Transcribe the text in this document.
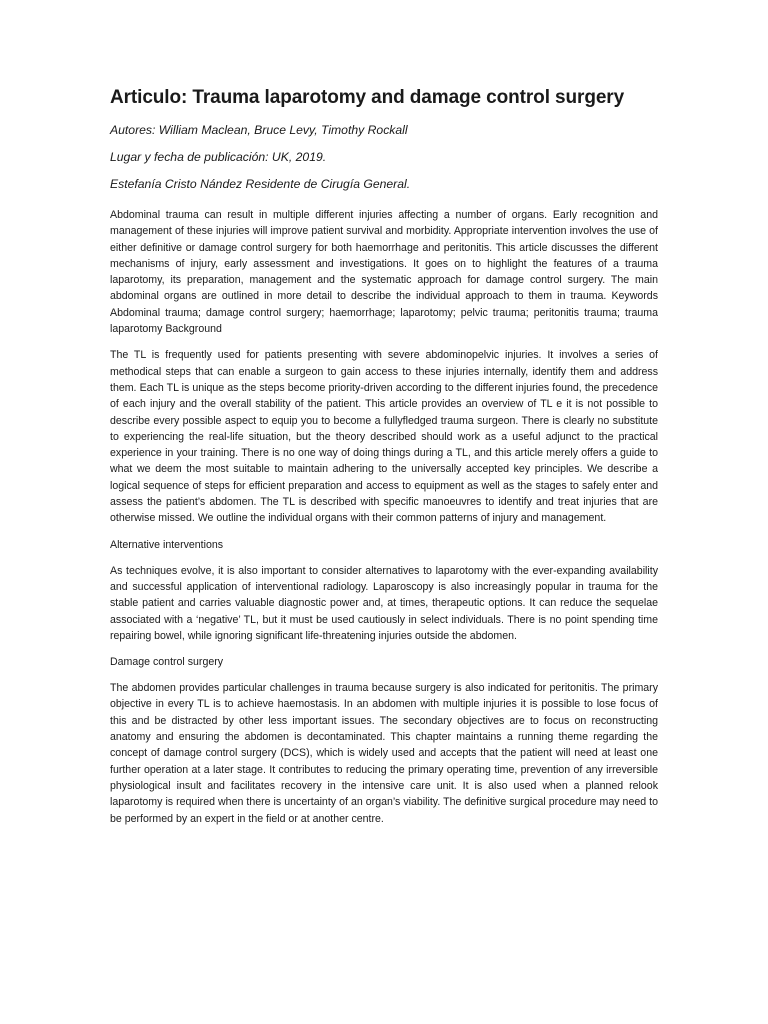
Articulo: Trauma laparotomy and damage control surgery

Autores: William Maclean, Bruce Levy, Timothy Rockall

Lugar y fecha de publicación: UK, 2019.

Estefanía Cristo Nández Residente de Cirugía General.

Abdominal trauma can result in multiple different injuries affecting a number of organs. Early recognition and management of these injuries will improve patient survival and morbidity. Appropriate intervention involves the use of either definitive or damage control surgery for both haemorrhage and peritonitis. This article discusses the different mechanisms of injury, early assessment and investigations. It goes on to highlight the features of a trauma laparotomy, its preparation, management and the systematic approach for damage control surgery. The main abdominal organs are outlined in more detail to describe the individual approach to them in trauma. Keywords Abdominal trauma; damage control surgery; haemorrhage; laparotomy; pelvic trauma; peritonitis trauma; trauma laparotomy Background

The TL is frequently used for patients presenting with severe abdominopelvic injuries. It involves a series of methodical steps that can enable a surgeon to gain access to these injuries internally, identify them and address them. Each TL is unique as the steps become priority-driven according to the different injuries found, the precedence of each injury and the overall stability of the patient. This article provides an overview of TL e it is not possible to describe every possible aspect to equip you to become a fullyfledged trauma surgeon. There is clearly no substitute to experiencing the real-life situation, but the theory described should work as a useful adjunct to the practical experience in your training. There is no one way of doing things during a TL, and this article merely offers a guide to what we deem the most suitable to maintain adhering to the universally accepted key principles. We describe a logical sequence of steps for efficient preparation and access to equipment as well as the stages to safely enter and assess the patient’s abdomen. The TL is described with specific manoeuvres to identify and treat injuries that are otherwise missed. We outline the individual organs with their common patterns of injury and management.

Alternative interventions

As techniques evolve, it is also important to consider alternatives to laparotomy with the ever-expanding availability and successful application of interventional radiology. Laparoscopy is also increasingly popular in trauma for the stable patient and carries valuable diagnostic power and, at times, therapeutic options. It can reduce the sequelae associated with a ‘negative’ TL, but it must be used cautiously in select individuals. There is no point spending time repairing bowel, while ignoring significant life-threatening injuries outside the abdomen.

Damage control surgery

The abdomen provides particular challenges in trauma because surgery is also indicated for peritonitis. The primary objective in every TL is to achieve haemostasis. In an abdomen with multiple injuries it is possible to lose focus of this and be distracted by other less important issues. The secondary objectives are to focus on reconstructing anatomy and ensuring the abdomen is decontaminated. This chapter maintains a running theme regarding the concept of damage control surgery (DCS), which is widely used and accepts that the patient will need at least one further operation at a later stage. It contributes to reducing the primary operating time, prevention of any irreversible physiological insult and facilitates recovery in the intensive care unit. It is also used when a planned relook laparotomy is required when there is uncertainty of an organ’s viability. The definitive surgical procedure may need to be performed by an expert in the field or at another centre.
